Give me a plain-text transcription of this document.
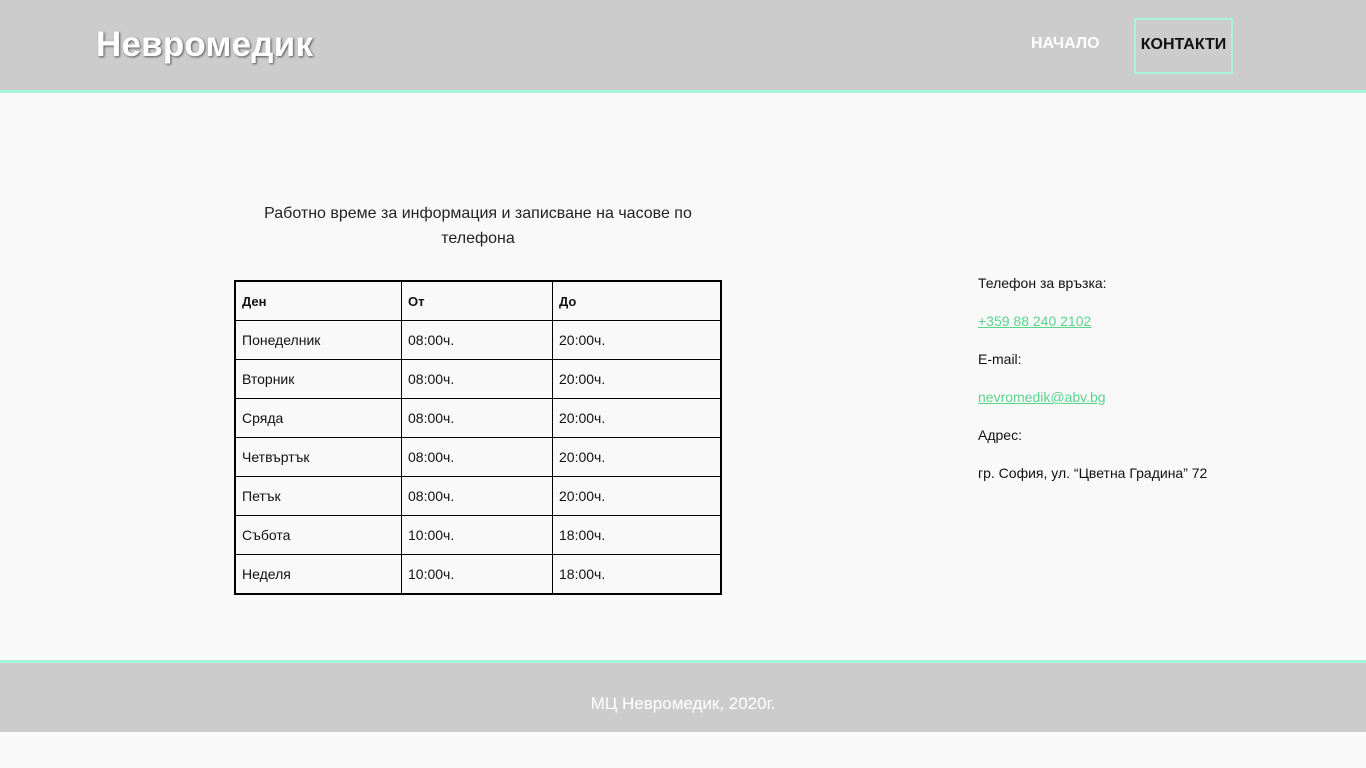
Невромедик	НАЧАЛО	КОНТАКТИ
Работно време за информация и записване на часове по телефона
Ден	От	До
Понеделник	08:00ч.	20:00ч.
Вторник	08:00ч.	20:00ч.
Сряда	08:00ч.	20:00ч.
Четвъртък	08:00ч.	20:00ч.
Петък	08:00ч.	20:00ч.
Събота	10:00ч.	18:00ч.
Неделя	10:00ч.	18:00ч.

Телефон за връзка:

+359 88 240 2102

E-mail:

nevromedik@abv.bg

Адрес:

гр. София, ул. “Цветна Градина” 72

МЦ Невромедик, 2020г.
